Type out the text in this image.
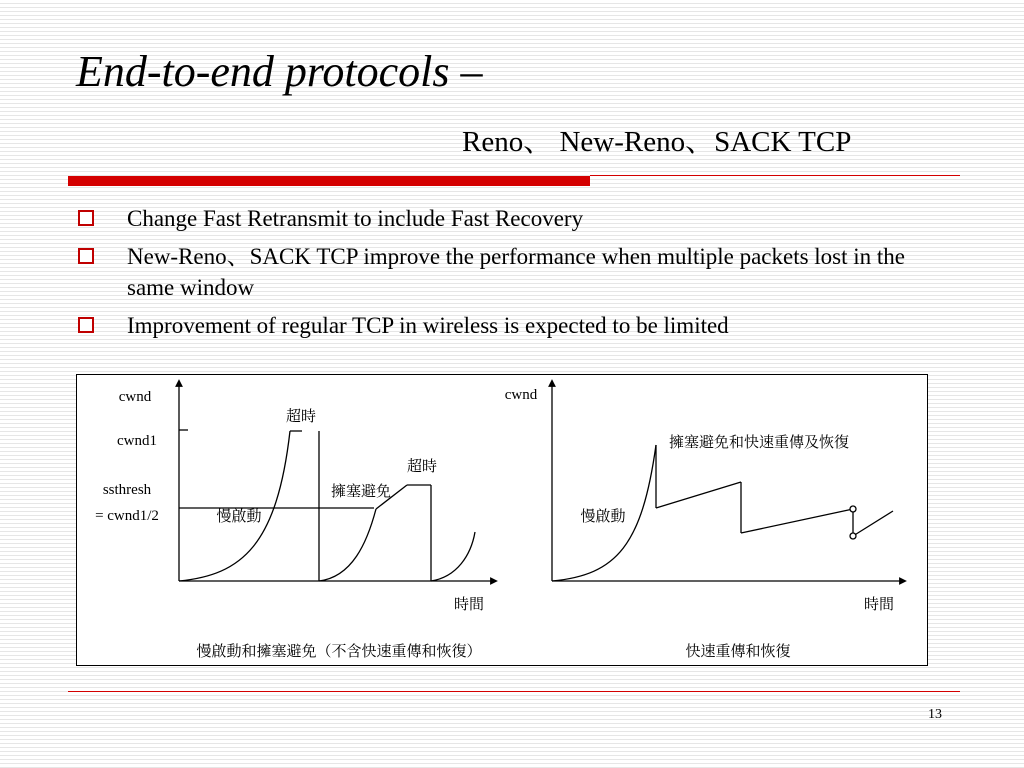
End-to-end protocols –
Reno、 New-Reno、SACK TCP
Change Fast Retransmit to include Fast Recovery
New-Reno、SACK TCP improve the performance when multiple packets lost in the same window
Improvement of regular TCP in wireless is expected to be limited
cwnd
cwnd1
ssthresh
= cwnd1/2
超時
超時
擁塞避免
慢啟動
時間
慢啟動和擁塞避免（不含快速重傳和恢復）
cwnd
擁塞避免和快速重傳及恢復
慢啟動
時間
快速重傳和恢復
13
